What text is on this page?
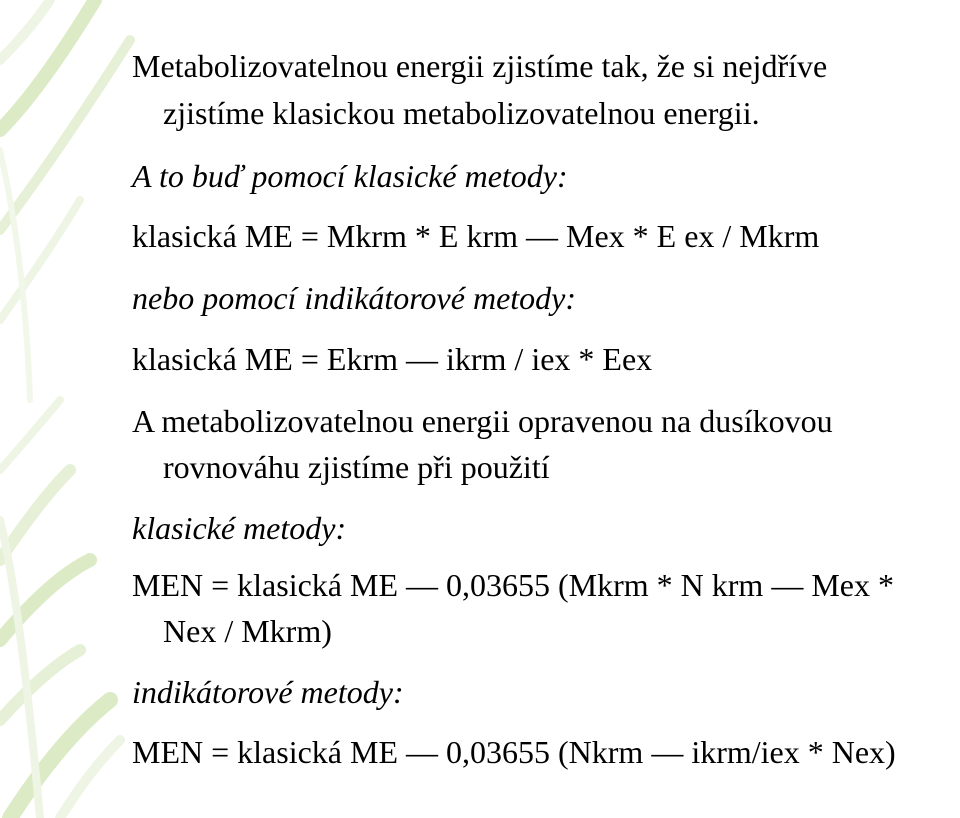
Metabolizovatelnou energii zjistíme tak, že si nejdříve

zjistíme klasickou metabolizovatelnou energii.

A to buď pomocí klasické metody:

klasická ME = Mkrm * E krm — Mex * E ex / Mkrm

nebo pomocí indikátorové metody:

klasická ME = Ekrm — ikrm / iex * Eex

A metabolizovatelnou energii opravenou na dusíkovou

rovnováhu zjistíme při použití

klasické metody:

MEN = klasická ME — 0,03655 (Mkrm * N krm — Mex *

Nex / Mkrm)

indikátorové metody:

MEN = klasická ME — 0,03655 (Nkrm — ikrm/iex * Nex)
